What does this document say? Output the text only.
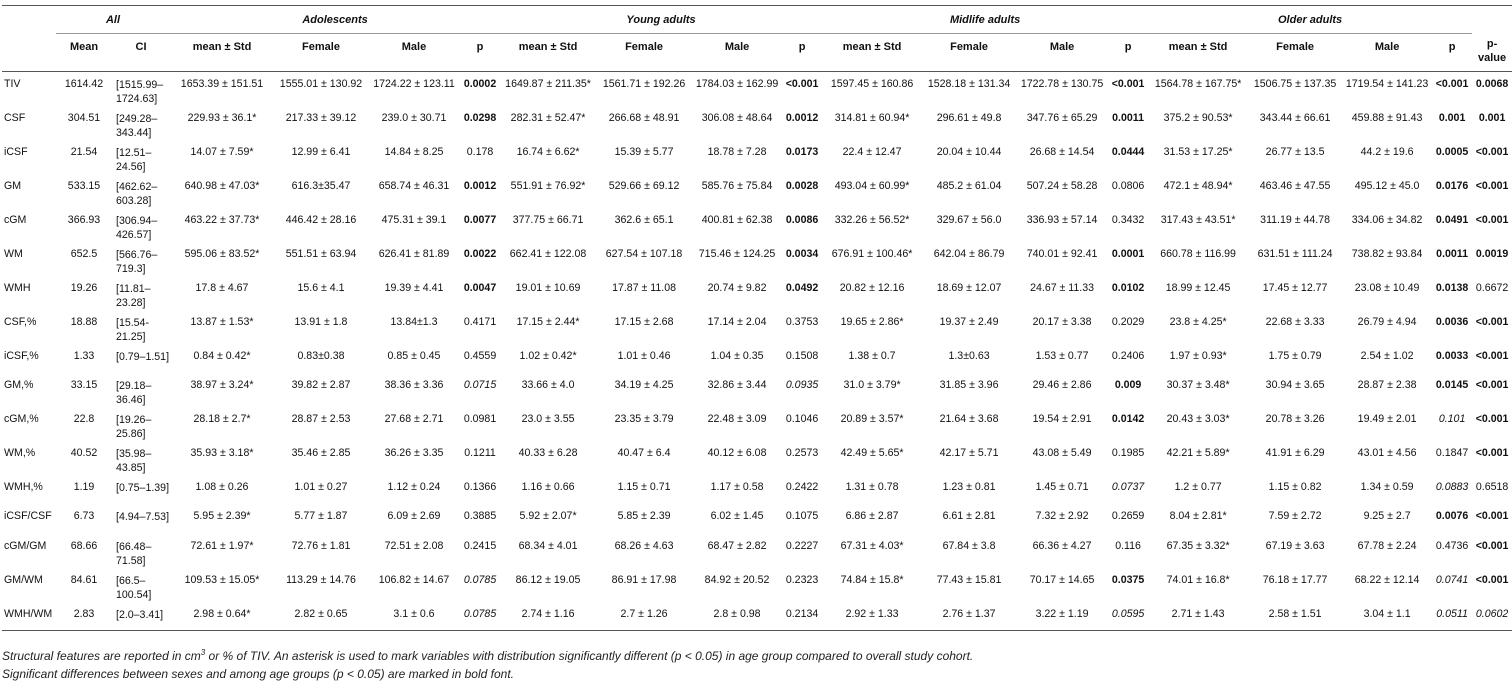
	All		Adolescents				Young adults				Midlife adults				Older adults				
	Mean	CI	mean ± Std	Female	Male	p	mean ± Std	Female	Male	p	mean ± Std	Female	Male	p	mean ± Std	Female	Male	p	p-value
TIV	1614.42	[1515.99–1724.63]	1653.39 ± 151.51	1555.01 ± 130.92	1724.22 ± 123.11	0.0002	1649.87 ± 211.35*	1561.71 ± 192.26	1784.03 ± 162.99	<0.001	1597.45 ± 160.86	1528.18 ± 131.34	1722.78 ± 130.75	<0.001	1564.78 ± 167.75*	1506.75 ± 137.35	1719.54 ± 141.23	<0.001	0.0068
CSF	304.51	[249.28–343.44]	229.93 ± 36.1*	217.33 ± 39.12	239.0 ± 30.71	0.0298	282.31 ± 52.47*	266.68 ± 48.91	306.08 ± 48.64	0.0012	314.81 ± 60.94*	296.61 ± 49.8	347.76 ± 65.29	0.0011	375.2 ± 90.53*	343.44 ± 66.61	459.88 ± 91.43	0.001	0.001
iCSF	21.54	[12.51–24.56]	14.07 ± 7.59*	12.99 ± 6.41	14.84 ± 8.25	0.178	16.74 ± 6.62*	15.39 ± 5.77	18.78 ± 7.28	0.0173	22.4 ± 12.47	20.04 ± 10.44	26.68 ± 14.54	0.0444	31.53 ± 17.25*	26.77 ± 13.5	44.2 ± 19.6	0.0005	<0.001
GM	533.15	[462.62–603.28]	640.98 ± 47.03*	616.3±35.47	658.74 ± 46.31	0.0012	551.91 ± 76.92*	529.66 ± 69.12	585.76 ± 75.84	0.0028	493.04 ± 60.99*	485.2 ± 61.04	507.24 ± 58.28	0.0806	472.1 ± 48.94*	463.46 ± 47.55	495.12 ± 45.0	0.0176	<0.001
cGM	366.93	[306.94–426.57]	463.22 ± 37.73*	446.42 ± 28.16	475.31 ± 39.1	0.0077	377.75 ± 66.71	362.6 ± 65.1	400.81 ± 62.38	0.0086	332.26 ± 56.52*	329.67 ± 56.0	336.93 ± 57.14	0.3432	317.43 ± 43.51*	311.19 ± 44.78	334.06 ± 34.82	0.0491	<0.001
WM	652.5	[566.76–719.3]	595.06 ± 83.52*	551.51 ± 63.94	626.41 ± 81.89	0.0022	662.41 ± 122.08	627.54 ± 107.18	715.46 ± 124.25	0.0034	676.91 ± 100.46*	642.04 ± 86.79	740.01 ± 92.41	0.0001	660.78 ± 116.99	631.51 ± 111.24	738.82 ± 93.84	0.0011	0.0019
WMH	19.26	[11.81–23.28]	17.8 ± 4.67	15.6 ± 4.1	19.39 ± 4.41	0.0047	19.01 ± 10.69	17.87 ± 11.08	20.74 ± 9.82	0.0492	20.82 ± 12.16	18.69 ± 12.07	24.67 ± 11.33	0.0102	18.99 ± 12.45	17.45 ± 12.77	23.08 ± 10.49	0.0138	0.6672
CSF,%	18.88	[15.54-21.25]	13.87 ± 1.53*	13.91 ± 1.8	13.84±1.3	0.4171	17.15 ± 2.44*	17.15 ± 2.68	17.14 ± 2.04	0.3753	19.65 ± 2.86*	19.37 ± 2.49	20.17 ± 3.38	0.2029	23.8 ± 4.25*	22.68 ± 3.33	26.79 ± 4.94	0.0036	<0.001
iCSF,%	1.33	[0.79–1.51]	0.84 ± 0.42*	0.83±0.38	0.85 ± 0.45	0.4559	1.02 ± 0.42*	1.01 ± 0.46	1.04 ± 0.35	0.1508	1.38 ± 0.7	1.3±0.63	1.53 ± 0.77	0.2406	1.97 ± 0.93*	1.75 ± 0.79	2.54 ± 1.02	0.0033	<0.001
GM,%	33.15	[29.18–36.46]	38.97 ± 3.24*	39.82 ± 2.87	38.36 ± 3.36	0.0715	33.66 ± 4.0	34.19 ± 4.25	32.86 ± 3.44	0.0935	31.0 ± 3.79*	31.85 ± 3.96	29.46 ± 2.86	0.009	30.37 ± 3.48*	30.94 ± 3.65	28.87 ± 2.38	0.0145	<0.001
cGM,%	22.8	[19.26–25.86]	28.18 ± 2.7*	28.87 ± 2.53	27.68 ± 2.71	0.0981	23.0 ± 3.55	23.35 ± 3.79	22.48 ± 3.09	0.1046	20.89 ± 3.57*	21.64 ± 3.68	19.54 ± 2.91	0.0142	20.43 ± 3.03*	20.78 ± 3.26	19.49 ± 2.01	0.101	<0.001
WM,%	40.52	[35.98–43.85]	35.93 ± 3.18*	35.46 ± 2.85	36.26 ± 3.35	0.1211	40.33 ± 6.28	40.47 ± 6.4	40.12 ± 6.08	0.2573	42.49 ± 5.65*	42.17 ± 5.71	43.08 ± 5.49	0.1985	42.21 ± 5.89*	41.91 ± 6.29	43.01 ± 4.56	0.1847	<0.001
WMH,%	1.19	[0.75–1.39]	1.08 ± 0.26	1.01 ± 0.27	1.12 ± 0.24	0.1366	1.16 ± 0.66	1.15 ± 0.71	1.17 ± 0.58	0.2422	1.31 ± 0.78	1.23 ± 0.81	1.45 ± 0.71	0.0737	1.2 ± 0.77	1.15 ± 0.82	1.34 ± 0.59	0.0883	0.6518
iCSF/CSF	6.73	[4.94–7.53]	5.95 ± 2.39*	5.77 ± 1.87	6.09 ± 2.69	0.3885	5.92 ± 2.07*	5.85 ± 2.39	6.02 ± 1.45	0.1075	6.86 ± 2.87	6.61 ± 2.81	7.32 ± 2.92	0.2659	8.04 ± 2.81*	7.59 ± 2.72	9.25 ± 2.7	0.0076	<0.001
cGM/GM	68.66	[66.48–71.58]	72.61 ± 1.97*	72.76 ± 1.81	72.51 ± 2.08	0.2415	68.34 ± 4.01	68.26 ± 4.63	68.47 ± 2.82	0.2227	67.31 ± 4.03*	67.84 ± 3.8	66.36 ± 4.27	0.116	67.35 ± 3.32*	67.19 ± 3.63	67.78 ± 2.24	0.4736	<0.001
GM/WM	84.61	[66.5–100.54]	109.53 ± 15.05*	113.29 ± 14.76	106.82 ± 14.67	0.0785	86.12 ± 19.05	86.91 ± 17.98	84.92 ± 20.52	0.2323	74.84 ± 15.8*	77.43 ± 15.81	70.17 ± 14.65	0.0375	74.01 ± 16.8*	76.18 ± 17.77	68.22 ± 12.14	0.0741	<0.001
WMH/WM	2.83	[2.0–3.41]	2.98 ± 0.64*	2.82 ± 0.65	3.1 ± 0.6	0.0785	2.74 ± 1.16	2.7 ± 1.26	2.8 ± 0.98	0.2134	2.92 ± 1.33	2.76 ± 1.37	3.22 ± 1.19	0.0595	2.71 ± 1.43	2.58 ± 1.51	3.04 ± 1.1	0.0511	0.0602
Structural features are reported in $cm^3$ or % of TIV. An asterisk is used to mark variables with distribution significantly different (p < 0.05) in age group compared to overall study cohort.
Significant differences between sexes and among age groups (p < 0.05) are marked in bold font.
